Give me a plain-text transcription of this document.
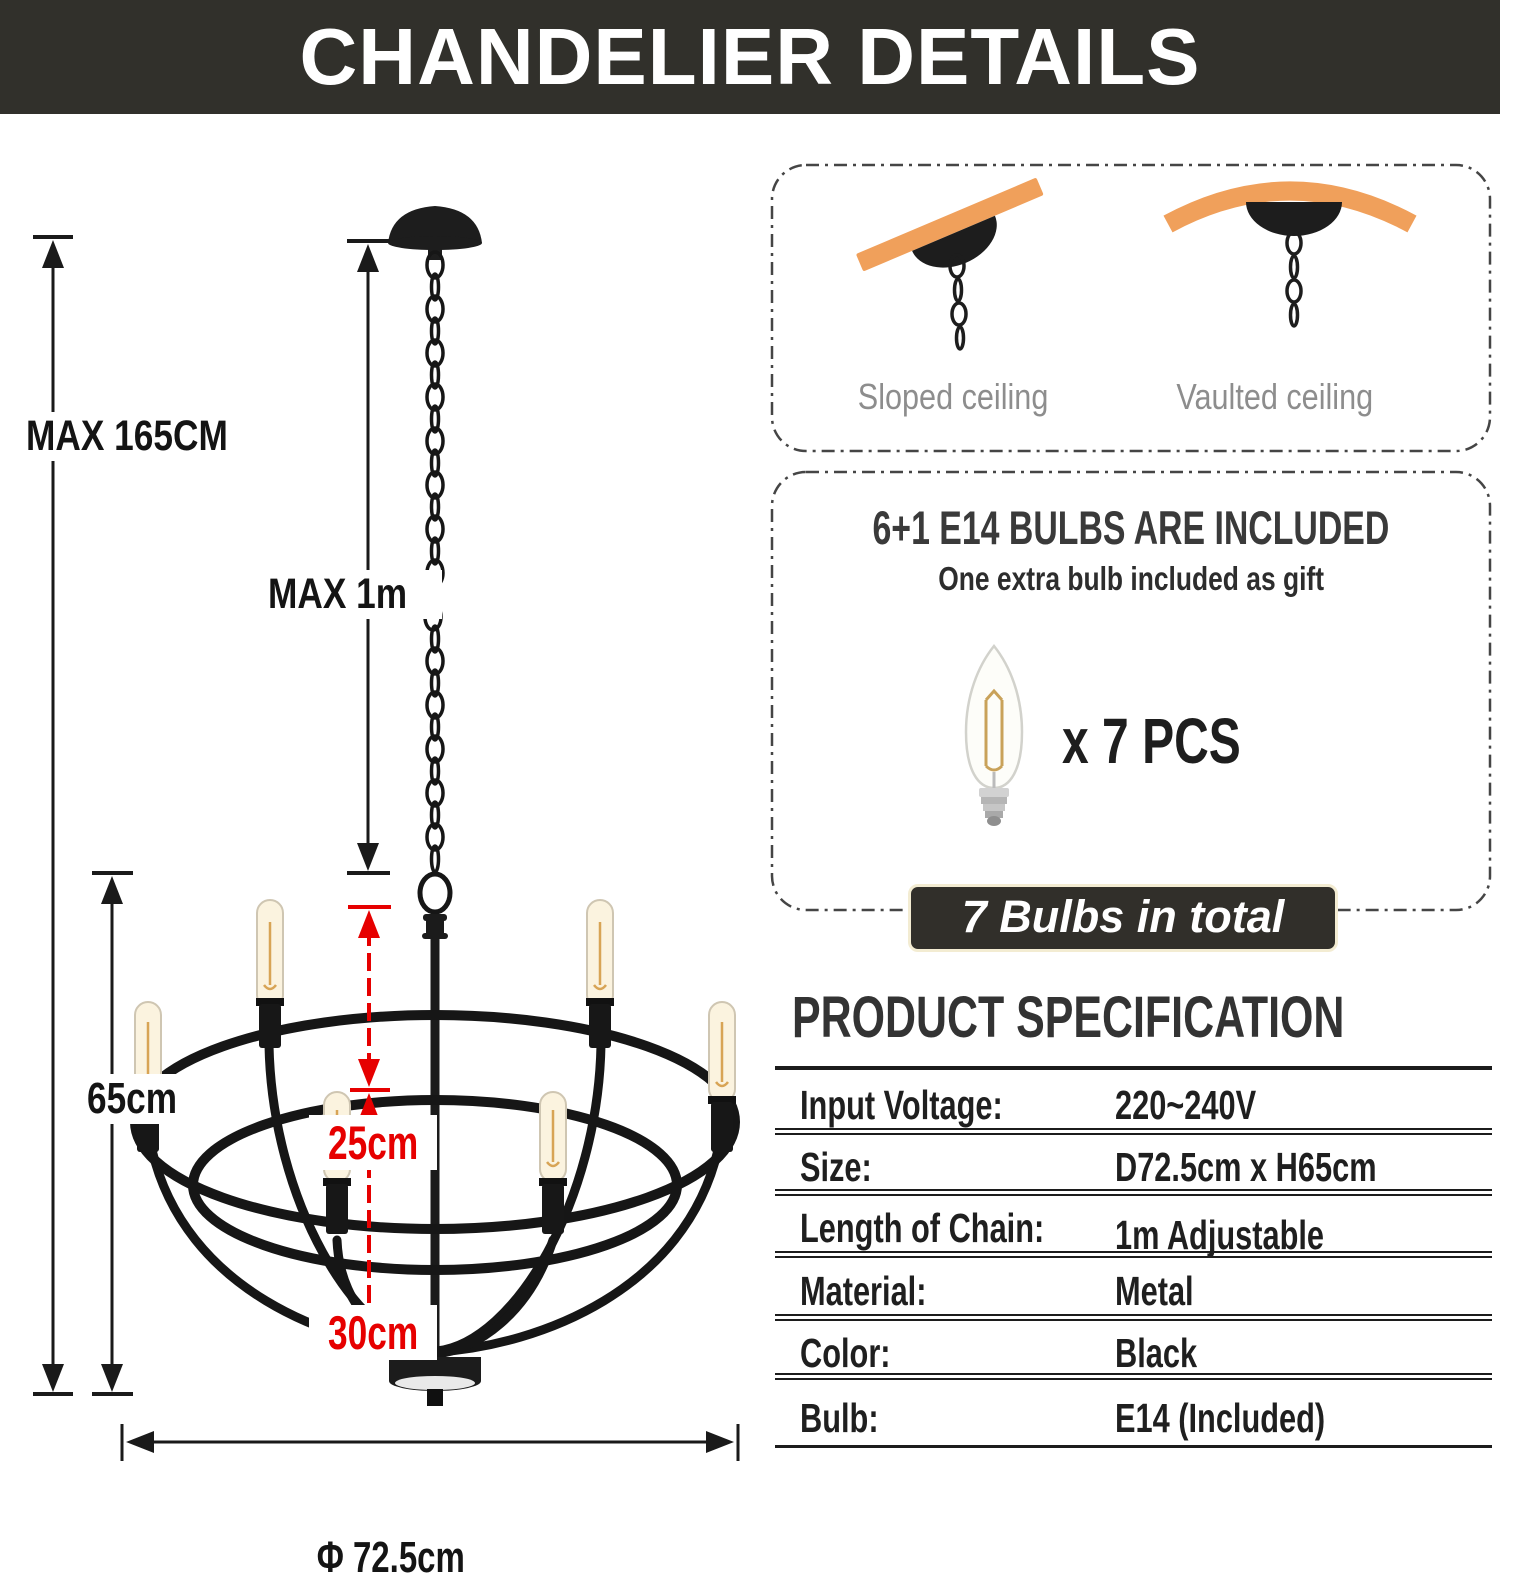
CHANDELIER DETAILS
MAX 165CM
MAX 1m
65cm
25cm
30cm
Φ 72.5cm
Sloped ceiling	Vaulted ceiling
6+1 E14 BULBS ARE INCLUDED
One extra bulb included as gift
x 7 PCS
7 Bulbs in total
PRODUCT SPECIFICATION
Input Voltage:	220~240V
Size:	D72.5cm x H65cm
Length of Chain:	1m Adjustable
Material:	Metal
Color:	Black
Bulb:	E14 (Included)
